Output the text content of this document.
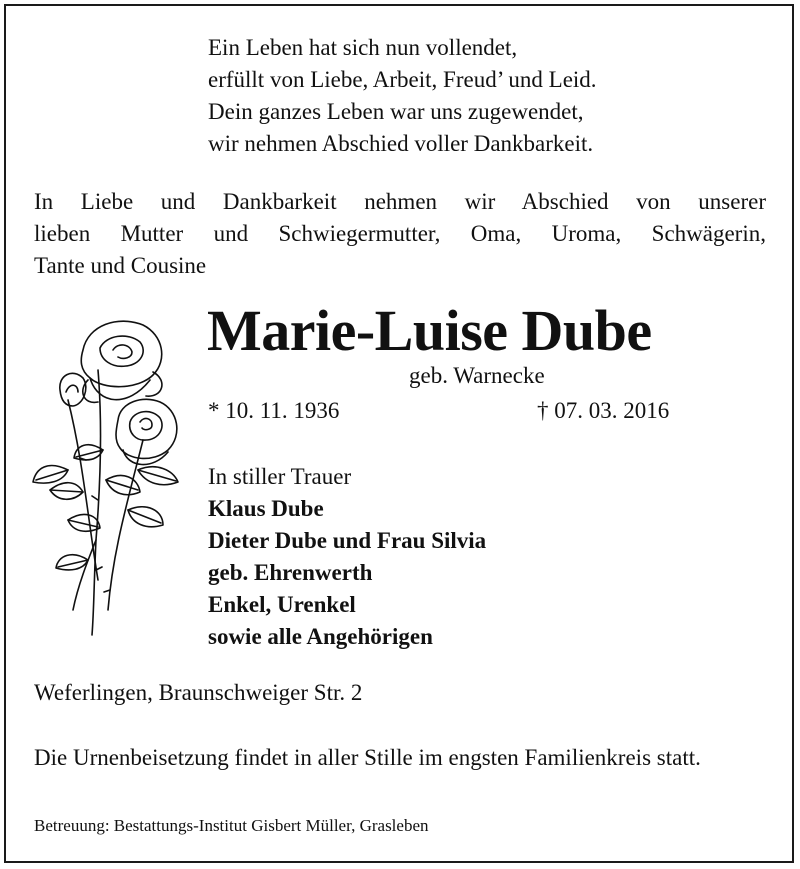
Ein Leben hat sich nun vollendet,
erfüllt von Liebe, Arbeit, Freud’ und Leid.
Dein ganzes Leben war uns zugewendet,
wir nehmen Abschied voller Dankbarkeit.
In Liebe und Dankbarkeit nehmen wir Abschied von unserer
lieben Mutter und Schwiegermutter, Oma, Uroma, Schwägerin,
Tante und Cousine
Marie-Luise Dube
geb. Warnecke
* 10. 11. 1936	† 07. 03. 2016
In stiller Trauer
Klaus Dube
Dieter Dube und Frau Silvia
geb. Ehrenwerth
Enkel, Urenkel
sowie alle Angehörigen
Weferlingen, Braunschweiger Str. 2
Die Urnenbeisetzung findet in aller Stille im engsten Familienkreis statt.
Betreuung: Bestattungs-Institut Gisbert Müller, Grasleben
